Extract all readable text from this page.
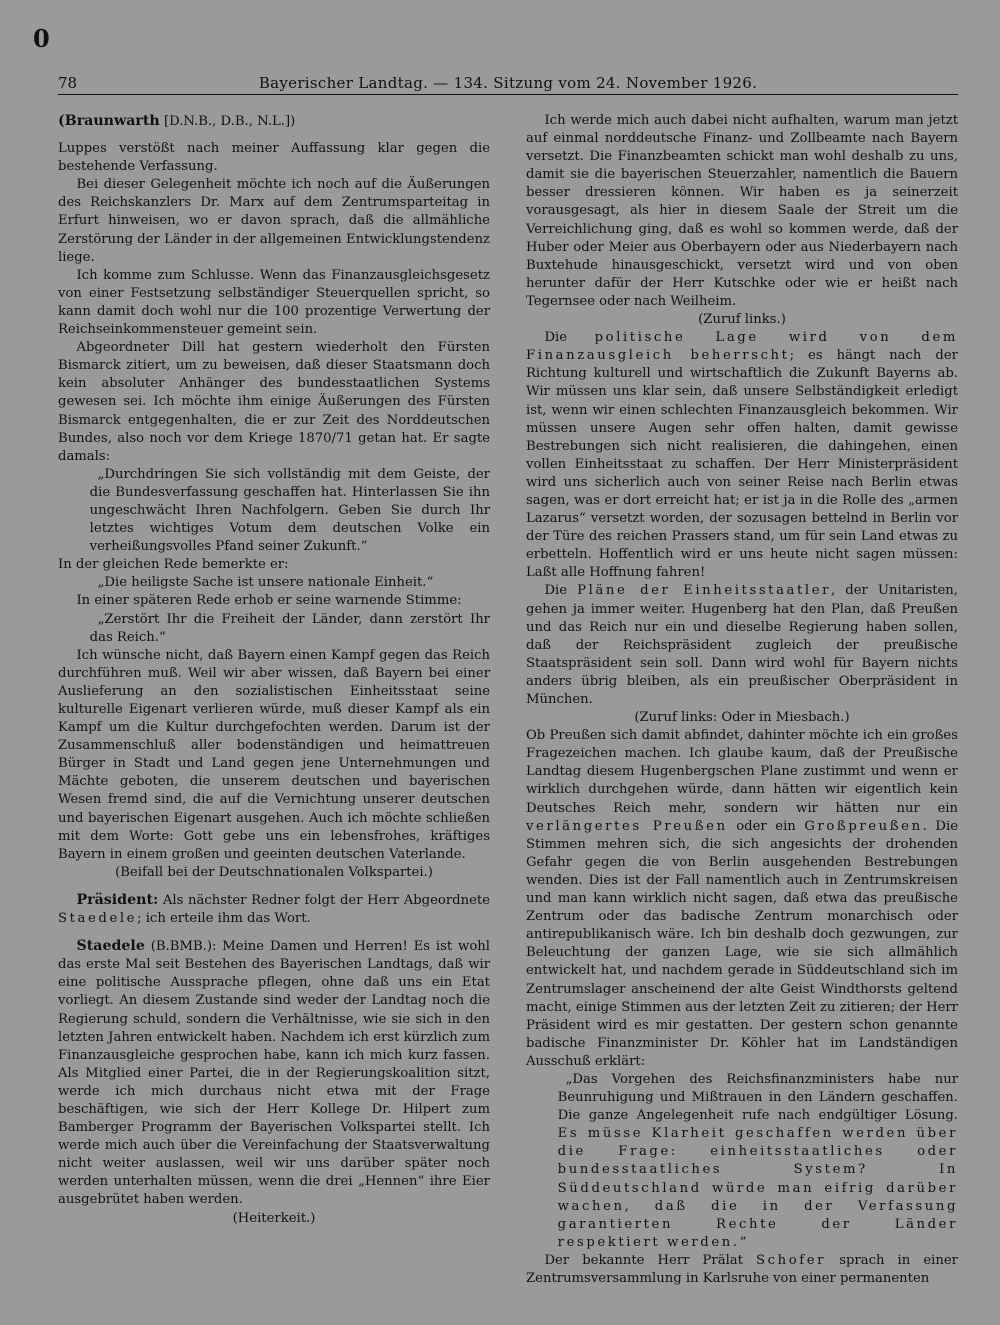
0
78	Bayerischer Landtag. — 134. Sitzung vom 24. November 1926.

(Braunwarth [D.N.B., D.B., N.L.])

Luppes verstößt nach meiner Auffassung klar gegen die bestehende Verfassung.

Bei dieser Gelegenheit möchte ich noch auf die Äußerungen des Reichskanzlers Dr. Marx auf dem Zentrumsparteitag in Erfurt hinweisen, wo er davon sprach, daß die allmähliche Zerstörung der Länder in der allgemeinen Entwicklungstendenz liege.

Ich komme zum Schlusse. Wenn das Finanzausgleichsgesetz von einer Festsetzung selbständiger Steuerquellen spricht, so kann damit doch wohl nur die 100 prozentige Verwertung der Reichseinkommensteuer gemeint sein.

Abgeordneter Dill hat gestern wiederholt den Fürsten Bismarck zitiert, um zu beweisen, daß dieser Staatsmann doch kein absoluter Anhänger des bundesstaatlichen Systems gewesen sei. Ich möchte ihm einige Äußerungen des Fürsten Bismarck entgegenhalten, die er zur Zeit des Norddeutschen Bundes, also noch vor dem Kriege 1870/71 getan hat. Er sagte damals:

„Durchdringen Sie sich vollständig mit dem Geiste, der die Bundesverfassung geschaffen hat. Hinterlassen Sie ihn ungeschwächt Ihren Nachfolgern. Geben Sie durch Ihr letztes wichtiges Votum dem deutschen Volke ein verheißungsvolles Pfand seiner Zukunft.“

In der gleichen Rede bemerkte er:

„Die heiligste Sache ist unsere nationale Einheit.“

In einer späteren Rede erhob er seine warnende Stimme:

„Zerstört Ihr die Freiheit der Länder, dann zerstört Ihr das Reich.“

Ich wünsche nicht, daß Bayern einen Kampf gegen das Reich durchführen muß. Weil wir aber wissen, daß Bayern bei einer Auslieferung an den sozialistischen Einheitsstaat seine kulturelle Eigenart verlieren würde, muß dieser Kampf als ein Kampf um die Kultur durchgefochten werden. Darum ist der Zusammenschluß aller bodenständigen und heimattreuen Bürger in Stadt und Land gegen jene Unternehmungen und Mächte geboten, die unserem deutschen und bayerischen Wesen fremd sind, die auf die Vernichtung unserer deutschen und bayerischen Eigenart ausgehen. Auch ich möchte schließen mit dem Worte: Gott gebe uns ein lebensfrohes, kräftiges Bayern in einem großen und geeinten deutschen Vaterlande.

(Beifall bei der Deutschnationalen Volkspartei.)

Präsident: Als nächster Redner folgt der Herr Abgeordnete Staedele; ich erteile ihm das Wort.

Staedele (B.BMB.): Meine Damen und Herren! Es ist wohl das erste Mal seit Bestehen des Bayerischen Landtags, daß wir eine politische Aussprache pflegen, ohne daß uns ein Etat vorliegt. An diesem Zustande sind weder der Landtag noch die Regierung schuld, sondern die Verhältnisse, wie sie sich in den letzten Jahren entwickelt haben. Nachdem ich erst kürzlich zum Finanzausgleiche gesprochen habe, kann ich mich kurz fassen. Als Mitglied einer Partei, die in der Regierungskoalition sitzt, werde ich mich durchaus nicht etwa mit der Frage beschäftigen, wie sich der Herr Kollege Dr. Hilpert zum Bamberger Programm der Bayerischen Volkspartei stellt. Ich werde mich auch über die Vereinfachung der Staatsverwaltung nicht weiter auslassen, weil wir uns darüber später noch werden unterhalten müssen, wenn die drei „Hennen“ ihre Eier ausgebrütet haben werden.

(Heiterkeit.)

Ich werde mich auch dabei nicht aufhalten, warum man jetzt auf einmal norddeutsche Finanz- und Zollbeamte nach Bayern versetzt. Die Finanzbeamten schickt man wohl deshalb zu uns, damit sie die bayerischen Steuerzahler, namentlich die Bauern besser dressieren können. Wir haben es ja seinerzeit vorausgesagt, als hier in diesem Saale der Streit um die Verreichlichung ging, daß es wohl so kommen werde, daß der Huber oder Meier aus Oberbayern oder aus Niederbayern nach Buxtehude hinausgeschickt, versetzt wird und von oben herunter dafür der Herr Kutschke oder wie er heißt nach Tegernsee oder nach Weilheim.

(Zuruf links.)

Die politische Lage wird von dem Finanzausgleich beherrscht; es hängt nach der Richtung kulturell und wirtschaftlich die Zukunft Bayerns ab. Wir müssen uns klar sein, daß unsere Selbständigkeit erledigt ist, wenn wir einen schlechten Finanzausgleich bekommen. Wir müssen unsere Augen sehr offen halten, damit gewisse Bestrebungen sich nicht realisieren, die dahingehen, einen vollen Einheitsstaat zu schaffen. Der Herr Ministerpräsident wird uns sicherlich auch von seiner Reise nach Berlin etwas sagen, was er dort erreicht hat; er ist ja in die Rolle des „armen Lazarus“ versetzt worden, der sozusagen bettelnd in Berlin vor der Türe des reichen Prassers stand, um für sein Land etwas zu erbetteln. Hoffentlich wird er uns heute nicht sagen müssen: Laßt alle Hoffnung fahren!

Die Pläne der Einheitsstaatler, der Unitaristen, gehen ja immer weiter. Hugenberg hat den Plan, daß Preußen und das Reich nur ein und dieselbe Regierung haben sollen, daß der Reichspräsident zugleich der preußische Staatspräsident sein soll. Dann wird wohl für Bayern nichts anders übrig bleiben, als ein preußischer Oberpräsident in München.

(Zuruf links: Oder in Miesbach.)

Ob Preußen sich damit abfindet, dahinter möchte ich ein großes Fragezeichen machen. Ich glaube kaum, daß der Preußische Landtag diesem Hugenbergschen Plane zustimmt und wenn er wirklich durchgehen würde, dann hätten wir eigentlich kein Deutsches Reich mehr, sondern wir hätten nur ein verlängertes Preußen oder ein Großpreußen. Die Stimmen mehren sich, die sich angesichts der drohenden Gefahr gegen die von Berlin ausgehenden Bestrebungen wenden. Dies ist der Fall namentlich auch in Zentrumskreisen und man kann wirklich nicht sagen, daß etwa das preußische Zentrum oder das badische Zentrum monarchisch oder antirepublikanisch wäre. Ich bin deshalb doch gezwungen, zur Beleuchtung der ganzen Lage, wie sie sich allmählich entwickelt hat, und nachdem gerade in Süddeutschland sich im Zentrumslager anscheinend der alte Geist Windthorsts geltend macht, einige Stimmen aus der letzten Zeit zu zitieren; der Herr Präsident wird es mir gestatten. Der gestern schon genannte badische Finanzminister Dr. Köhler hat im Landständigen Ausschuß erklärt:

„Das Vorgehen des Reichsfinanzministers habe nur Beunruhigung und Mißtrauen in den Ländern geschaffen. Die ganze Angelegenheit rufe nach endgültiger Lösung. Es müsse Klarheit geschaffen werden über die Frage: einheitsstaatliches oder bundesstaatliches System? In Süddeutschland würde man eifrig darüber wachen, daß die in der Verfassung garantierten Rechte der Länder respektiert werden.“

Der bekannte Herr Prälat Schofer sprach in einer Zentrumsversammlung in Karlsruhe von einer permanenten
